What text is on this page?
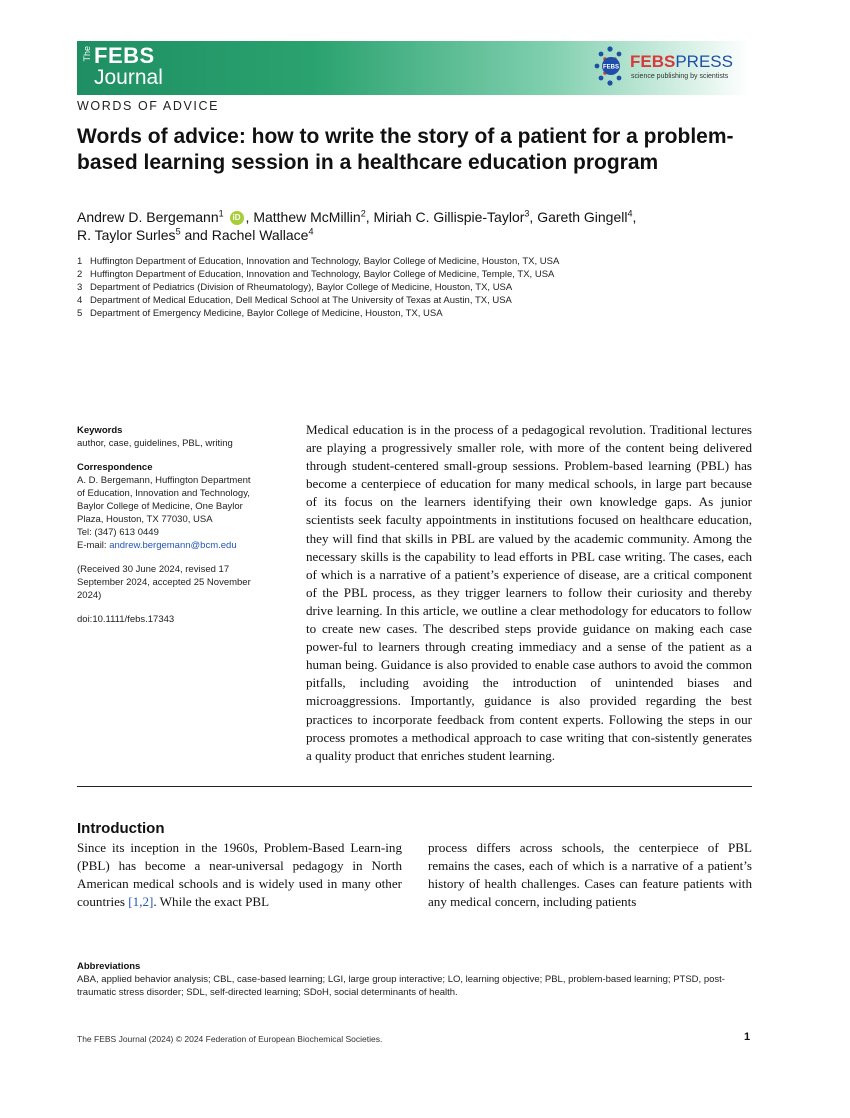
The FEBS
Journal	FEBS FEBSPRESS
science publishing by scientists
WORDS OF ADVICE
Words of advice: how to write the story of a patient for a problem-based learning session in a healthcare education program
Andrew D. Bergemann$^1$ iD , Matthew McMillin$^2$, Miriah C. Gillispie-Taylor$^3$, Gareth Gingell$^4$,
R. Taylor Surles$^5$ and Rachel Wallace$^4$
1 Huffington Department of Education, Innovation and Technology, Baylor College of Medicine, Houston, TX, USA
2 Huffington Department of Education, Innovation and Technology, Baylor College of Medicine, Temple, TX, USA
3 Department of Pediatrics (Division of Rheumatology), Baylor College of Medicine, Houston, TX, USA
4 Department of Medical Education, Dell Medical School at The University of Texas at Austin, TX, USA
5 Department of Emergency Medicine, Baylor College of Medicine, Houston, TX, USA
Keywords
author, case, guidelines, PBL, writing
Correspondence
A. D. Bergemann, Huffington Department
of Education, Innovation and Technology,
Baylor College of Medicine, One Baylor
Plaza, Houston, TX 77030, USA
Tel: (347) 613 0449
E-mail: andrew.bergemann@bcm.edu
(Received 30 June 2024, revised 17
September 2024, accepted 25 November
2024)
doi:10.1111/febs.17343
Medical education is in the process of a pedagogical revolution. Traditional lectures are playing a progressively smaller role, with more of the content being delivered through student-centered small-group sessions. Problem-based learning (PBL) has become a centerpiece of education for many medical schools, in large part because of its focus on the learners identifying their own knowledge gaps. As junior scientists seek faculty appointments in institutions focused on healthcare education, they will find that skills in PBL are valued by the academic community. Among the necessary skills is the capability to lead efforts in PBL case writing. The cases, each of which is a narrative of a patient’s experience of disease, are a critical component of the PBL process, as they trigger learners to follow their curiosity and thereby drive learning. In this article, we outline a clear methodology for educators to follow to create new cases. The described steps provide guidance on making each case power-ful to learners through creating immediacy and a sense of the patient as a human being. Guidance is also provided to enable case authors to avoid the common pitfalls, including avoiding the introduction of unintended biases and microaggressions. Importantly, guidance is also provided regarding the best practices to incorporate feedback from content experts. Following the steps in our process promotes a methodical approach to case writing that con-sistently generates a quality product that enriches student learning.
Introduction
Since its inception in the 1960s, Problem-Based Learn-ing (PBL) has become a near-universal pedagogy in North American medical schools and is widely used in many other countries [1,2]. While the exact PBL
process differs across schools, the centerpiece of PBL remains the cases, each of which is a narrative of a patient’s history of health challenges. Cases can feature patients with any medical concern, including patients
Abbreviations
ABA, applied behavior analysis; CBL, case-based learning; LGI, large group interactive; LO, learning objective; PBL, problem-based learning; PTSD, post-traumatic stress disorder; SDL, self-directed learning; SDoH, social determinants of health.
The FEBS Journal (2024) © 2024 Federation of European Biochemical Societies.	1
